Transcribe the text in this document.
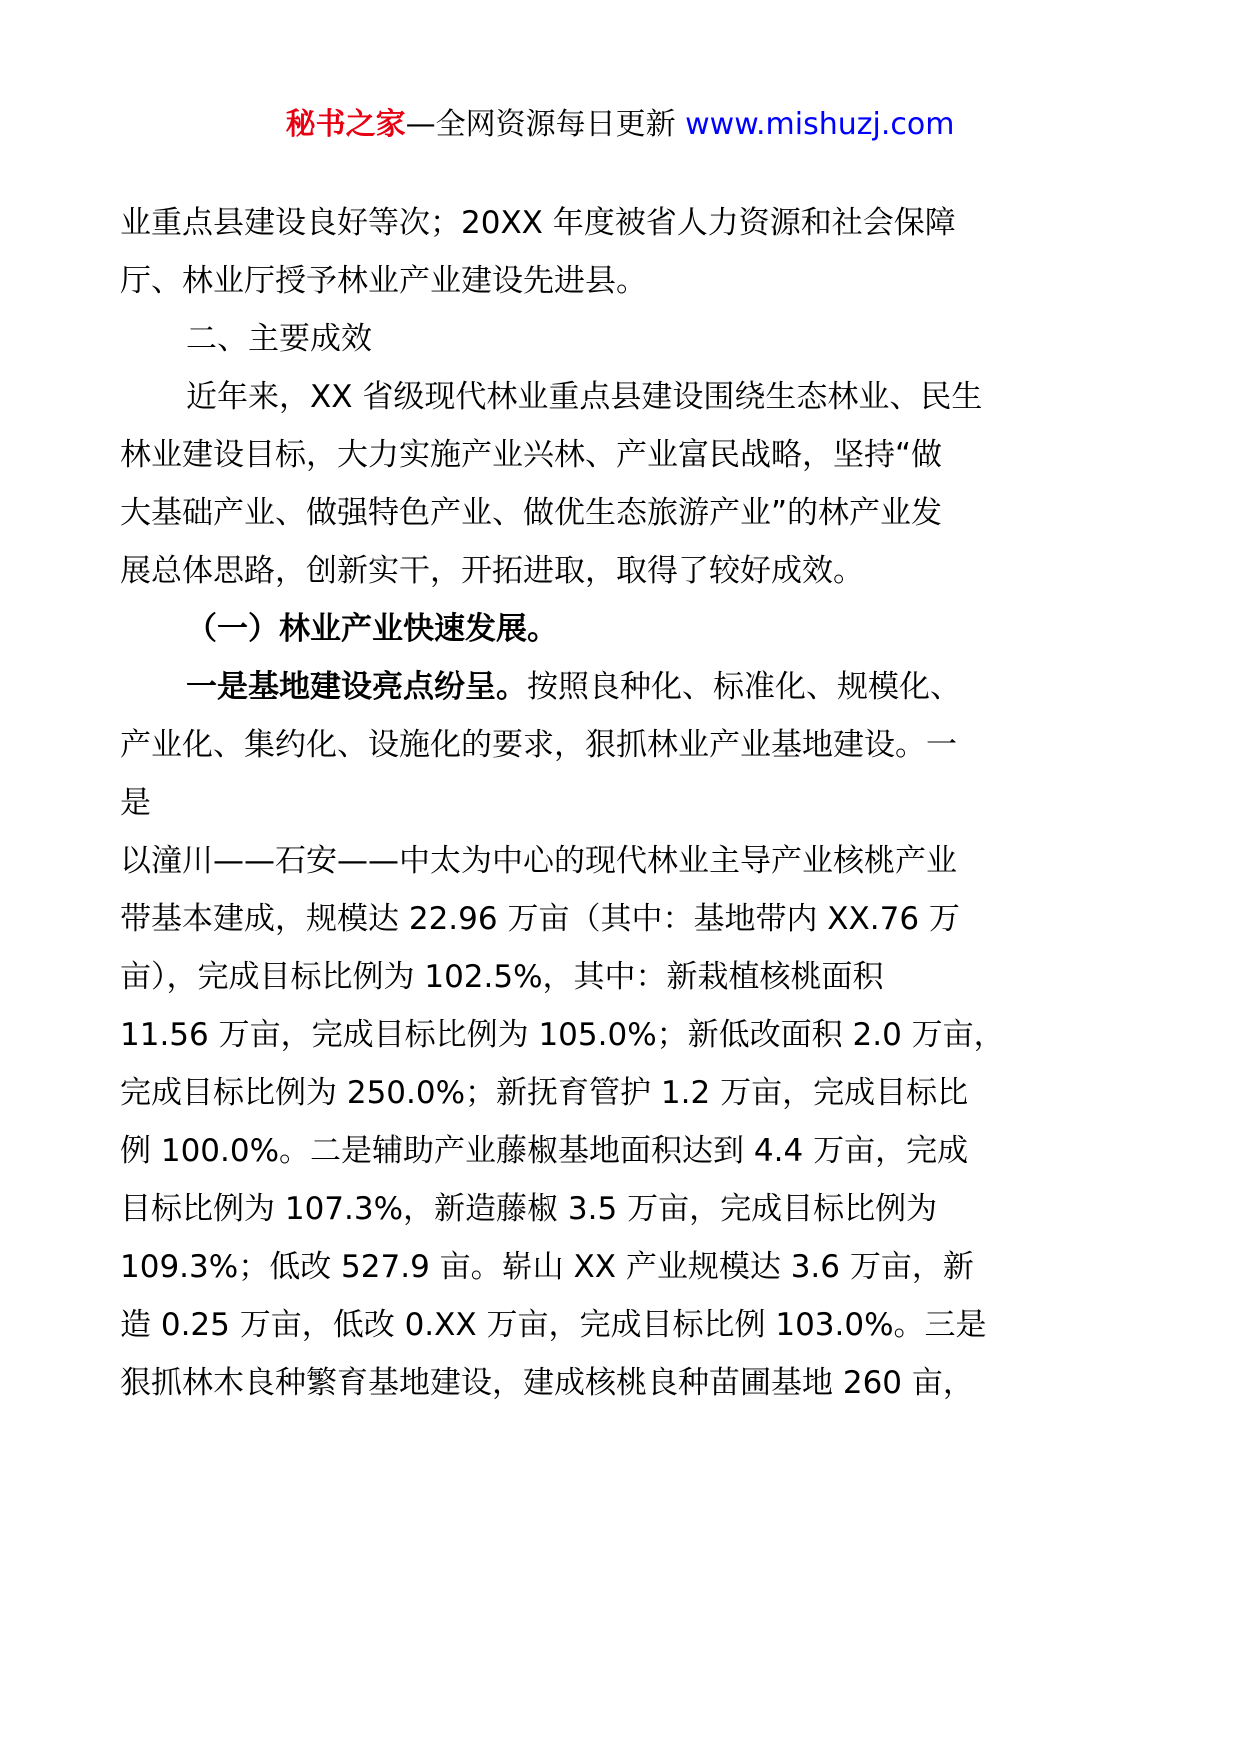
秘书之家—全网资源每日更新 www.mishuzj.com

业重点县建设良好等次；20XX 年度被省人力资源和社会保障

厅、林业厅授予林业产业建设先进县。

二、主要成效

近年来，XX 省级现代林业重点县建设围绕生态林业、民生

林业建设目标，大力实施产业兴林、产业富民战略，坚持“做

大基础产业、做强特色产业、做优生态旅游产业”的林产业发

展总体思路，创新实干，开拓进取，取得了较好成效。

（一）林业产业快速发展。

一是基地建设亮点纷呈。按照良种化、标准化、规模化、

产业化、集约化、设施化的要求，狠抓林业产业基地建设。一

是

以潼川——石安——中太为中心的现代林业主导产业核桃产业

带基本建成，规模达 22.96 万亩（其中：基地带内 XX.76 万

亩），完成目标比例为 102.5%，其中：新栽植核桃面积

11.56 万亩，完成目标比例为 105.0%；新低改面积 2.0 万亩，

完成目标比例为 250.0%；新抚育管护 1.2 万亩，完成目标比

例 100.0%。二是辅助产业藤椒基地面积达到 4.4 万亩，完成

目标比例为 107.3%，新造藤椒 3.5 万亩，完成目标比例为

109.3%；低改 527.9 亩。崭山 XX 产业规模达 3.6 万亩，新

造 0.25 万亩，低改 0.XX 万亩，完成目标比例 103.0%。三是

狠抓林木良种繁育基地建设，建成核桃良种苗圃基地 260 亩，
